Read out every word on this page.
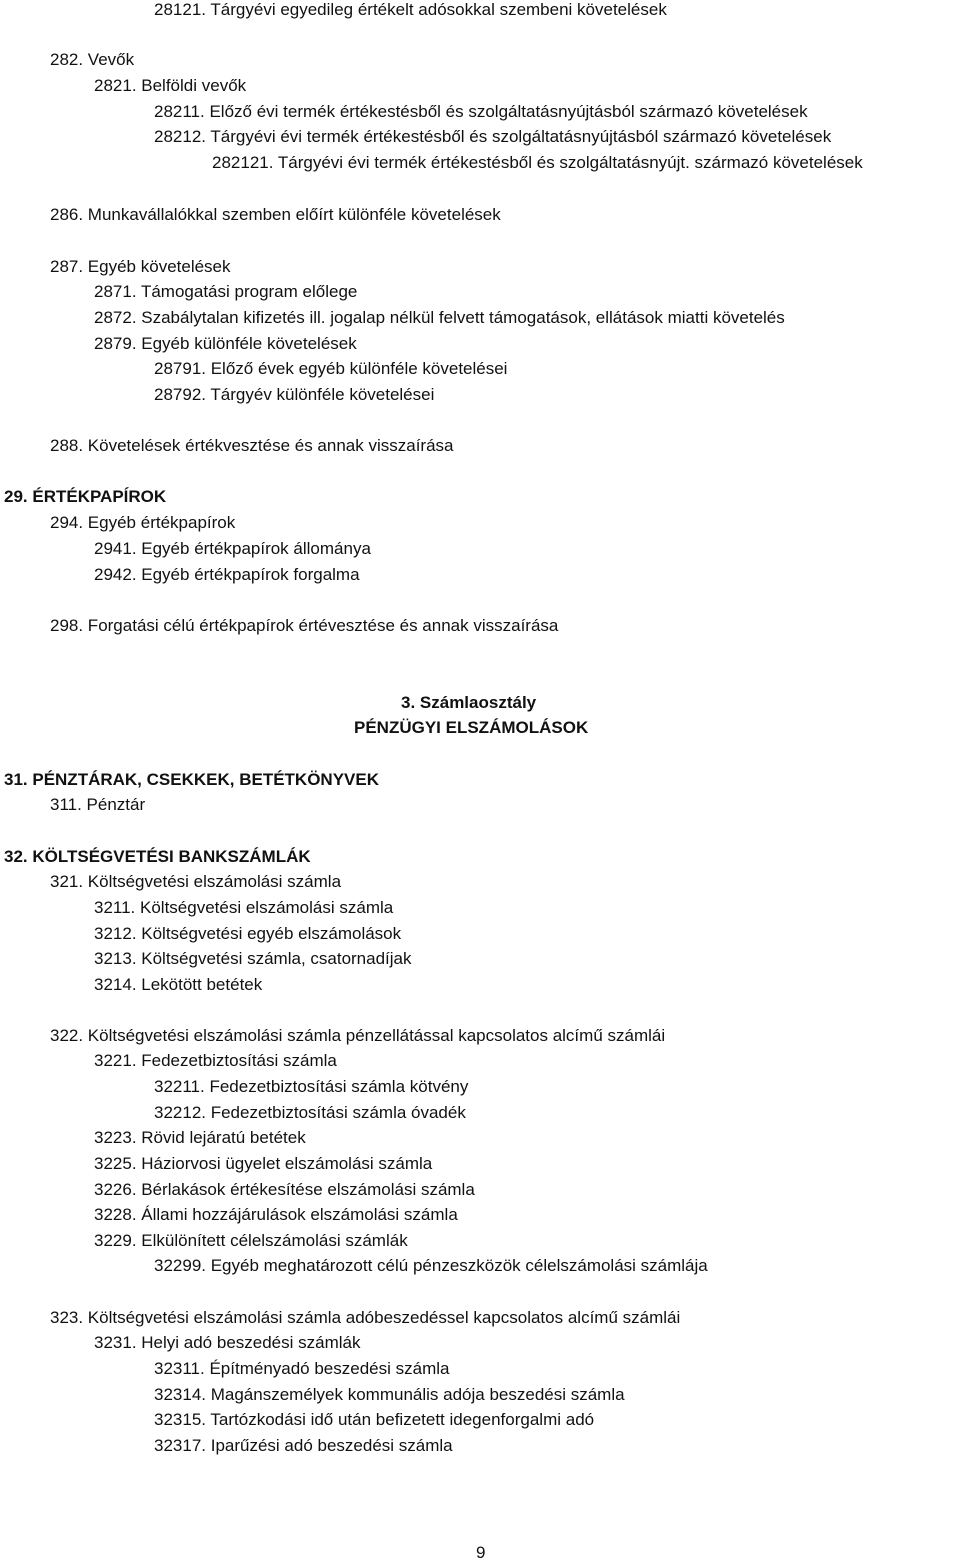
28121. Tárgyévi egyedileg értékelt adósokkal szembeni követelések
282. Vevők
2821. Belföldi vevők
28211. Előző évi termék értékestésből és szolgáltatásnyújtásból származó követelések
28212. Tárgyévi évi termék értékestésből és szolgáltatásnyújtásból származó követelések
282121. Tárgyévi évi termék értékestésből és szolgáltatásnyújt. származó követelések
286. Munkavállalókkal szemben előírt különféle követelések
287. Egyéb követelések
2871. Támogatási program előlege
2872. Szabálytalan kifizetés ill. jogalap nélkül felvett támogatások, ellátások miatti követelés
2879. Egyéb különféle követelések
28791. Előző évek egyéb különféle követelései
28792. Tárgyév különféle követelései
288. Követelések értékvesztése és annak visszaírása
29. ÉRTÉKPAPÍROK
294. Egyéb értékpapírok
2941. Egyéb értékpapírok állománya
2942. Egyéb értékpapírok forgalma
298. Forgatási célú értékpapírok értévesztése és annak visszaírása
3. Számlaosztály
PÉNZÜGYI ELSZÁMOLÁSOK
31. PÉNZTÁRAK, CSEKKEK, BETÉTKÖNYVEK
311. Pénztár
32. KÖLTSÉGVETÉSI BANKSZÁMLÁK
321. Költségvetési elszámolási számla
3211. Költségvetési elszámolási számla
3212. Költségvetési egyéb elszámolások
3213. Költségvetési számla, csatornadíjak
3214. Lekötött betétek
322. Költségvetési elszámolási számla pénzellátással kapcsolatos alcímű számlái
3221. Fedezetbiztosítási számla
32211. Fedezetbiztosítási számla kötvény
32212. Fedezetbiztosítási számla óvadék
3223. Rövid lejáratú betétek
3225. Háziorvosi ügyelet elszámolási számla
3226. Bérlakások értékesítése elszámolási számla
3228. Állami hozzájárulások elszámolási számla
3229. Elkülönített célelszámolási számlák
32299. Egyéb meghatározott célú pénzeszközök célelszámolási számlája
323. Költségvetési elszámolási számla adóbeszedéssel kapcsolatos alcímű számlái
3231. Helyi adó beszedési számlák
32311. Építményadó beszedési számla
32314. Magánszemélyek kommunális adója beszedési számla
32315. Tartózkodási idő után befizetett idegenforgalmi adó
32317. Iparűzési adó beszedési számla
9
